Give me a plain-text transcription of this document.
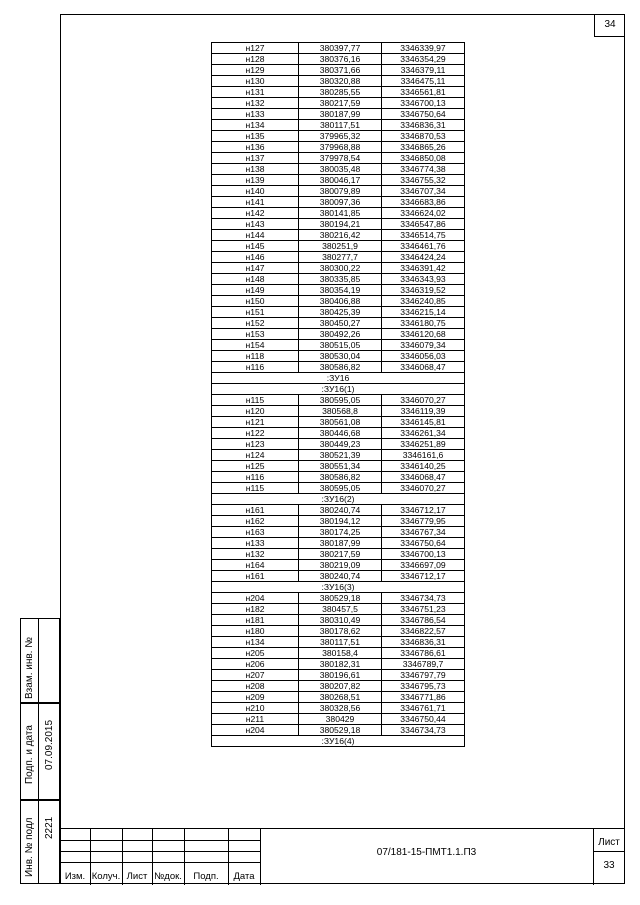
34
н127	380397,77	3346339,97
н128	380376,16	3346354,29
н129	380371,66	3346379,11
н130	380320,88	3346475,11
н131	380285,55	3346561,81
н132	380217,59	3346700,13
н133	380187,99	3346750,64
н134	380117,51	3346836,31
н135	379965,32	3346870,53
н136	379968,88	3346865,26
н137	379978,54	3346850,08
н138	380035,48	3346774,38
н139	380046,17	3346755,32
н140	380079,89	3346707,34
н141	380097,36	3346683,86
н142	380141,85	3346624,02
н143	380194,21	3346547,86
н144	380216,42	3346514,75
н145	380251,9	3346461,76
н146	380277,7	3346424,24
н147	380300,22	3346391,42
н148	380335,85	3346343,93
н149	380354,19	3346319,52
н150	380406,88	3346240,85
н151	380425,39	3346215,14
н152	380450,27	3346180,75
н153	380492,26	3346120,68
н154	380515,05	3346079,34
н118	380530,04	3346056,03
н116	380586,82	3346068,47
:ЗУ16		
:ЗУ16(1)		
н115	380595,05	3346070,27
н120	380568,8	3346119,39
н121	380561,08	3346145,81
н122	380446,68	3346261,34
н123	380449,23	3346251,89
н124	380521,39	3346161,6
н125	380551,34	3346140,25
н116	380586,82	3346068,47
н115	380595,05	3346070,27
:ЗУ16(2)		
н161	380240,74	3346712,17
н162	380194,12	3346779,95
н163	380174,25	3346767,34
н133	380187,99	3346750,64
н132	380217,59	3346700,13
н164	380219,09	3346697,09
н161	380240,74	3346712,17
:ЗУ16(3)		
н204	380529,18	3346734,73
н182	380457,5	3346751,23
н181	380310,49	3346786,54
н180	380178,62	3346822,57
н134	380117,51	3346836,31
н205	380158,4	3346786,61
н206	380182,31	3346789,7
н207	380196,61	3346797,79
н208	380207,82	3346795,73
н209	380268,51	3346771,86
н210	380328,56	3346761,71
н211	380429	3346750,44
н204	380529,18	3346734,73
:ЗУ16(4)		
Взам. инв. №
Подп. и дата 07.09.2015
Инв. № подл 2221
Изм. Колуч. Лист №док.	Подп.	Дата
07/181-15-ПМТ1.1.П3
Лист
33
